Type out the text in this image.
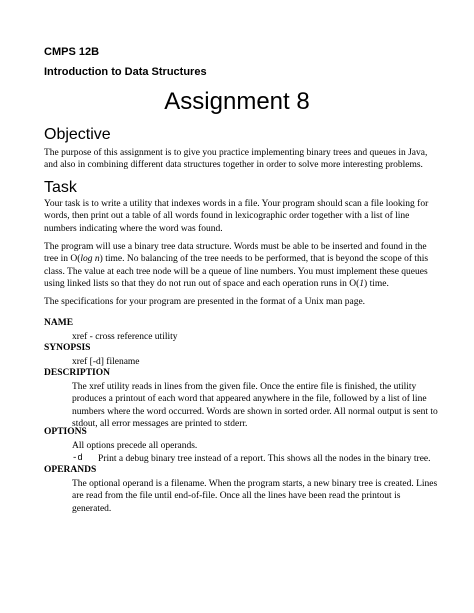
CMPS 12B
Introduction to Data Structures
Assignment 8
Objective
The purpose of this assignment is to give you practice implementing binary trees and queues in Java, and also in combining different data structures together in order to solve more interesting problems.
Task
Your task is to write a utility that indexes words in a file. Your program should scan a file looking for words, then print out a table of all words found in lexicographic order together with a list of line numbers indicating where the word was found.
The program will use a binary tree data structure. Words must be able to be inserted and found in the tree in O(log n) time. No balancing of the tree needs to be performed, that is beyond the scope of this class. The value at each tree node will be a queue of line numbers. You must implement these queues using linked lists so that they do not run out of space and each operation runs in O(1) time.
The specifications for your program are presented in the format of a Unix man page.
NAME
xref - cross reference utility
SYNOPSIS
xref [-d] filename
DESCRIPTION
The xref utility reads in lines from the given file. Once the entire file is finished, the utility produces a printout of each word that appeared anywhere in the file, followed by a list of line numbers where the word occurred. Words are shown in sorted order. All normal output is sent to stdout, all error messages are printed to stderr.
OPTIONS
All options precede all operands.
-d Print a debug binary tree instead of a report. This shows all the nodes in the binary tree.
OPERANDS
The optional operand is a filename. When the program starts, a new binary tree is created. Lines are read from the file until end-of-file. Once all the lines have been read the printout is generated.
